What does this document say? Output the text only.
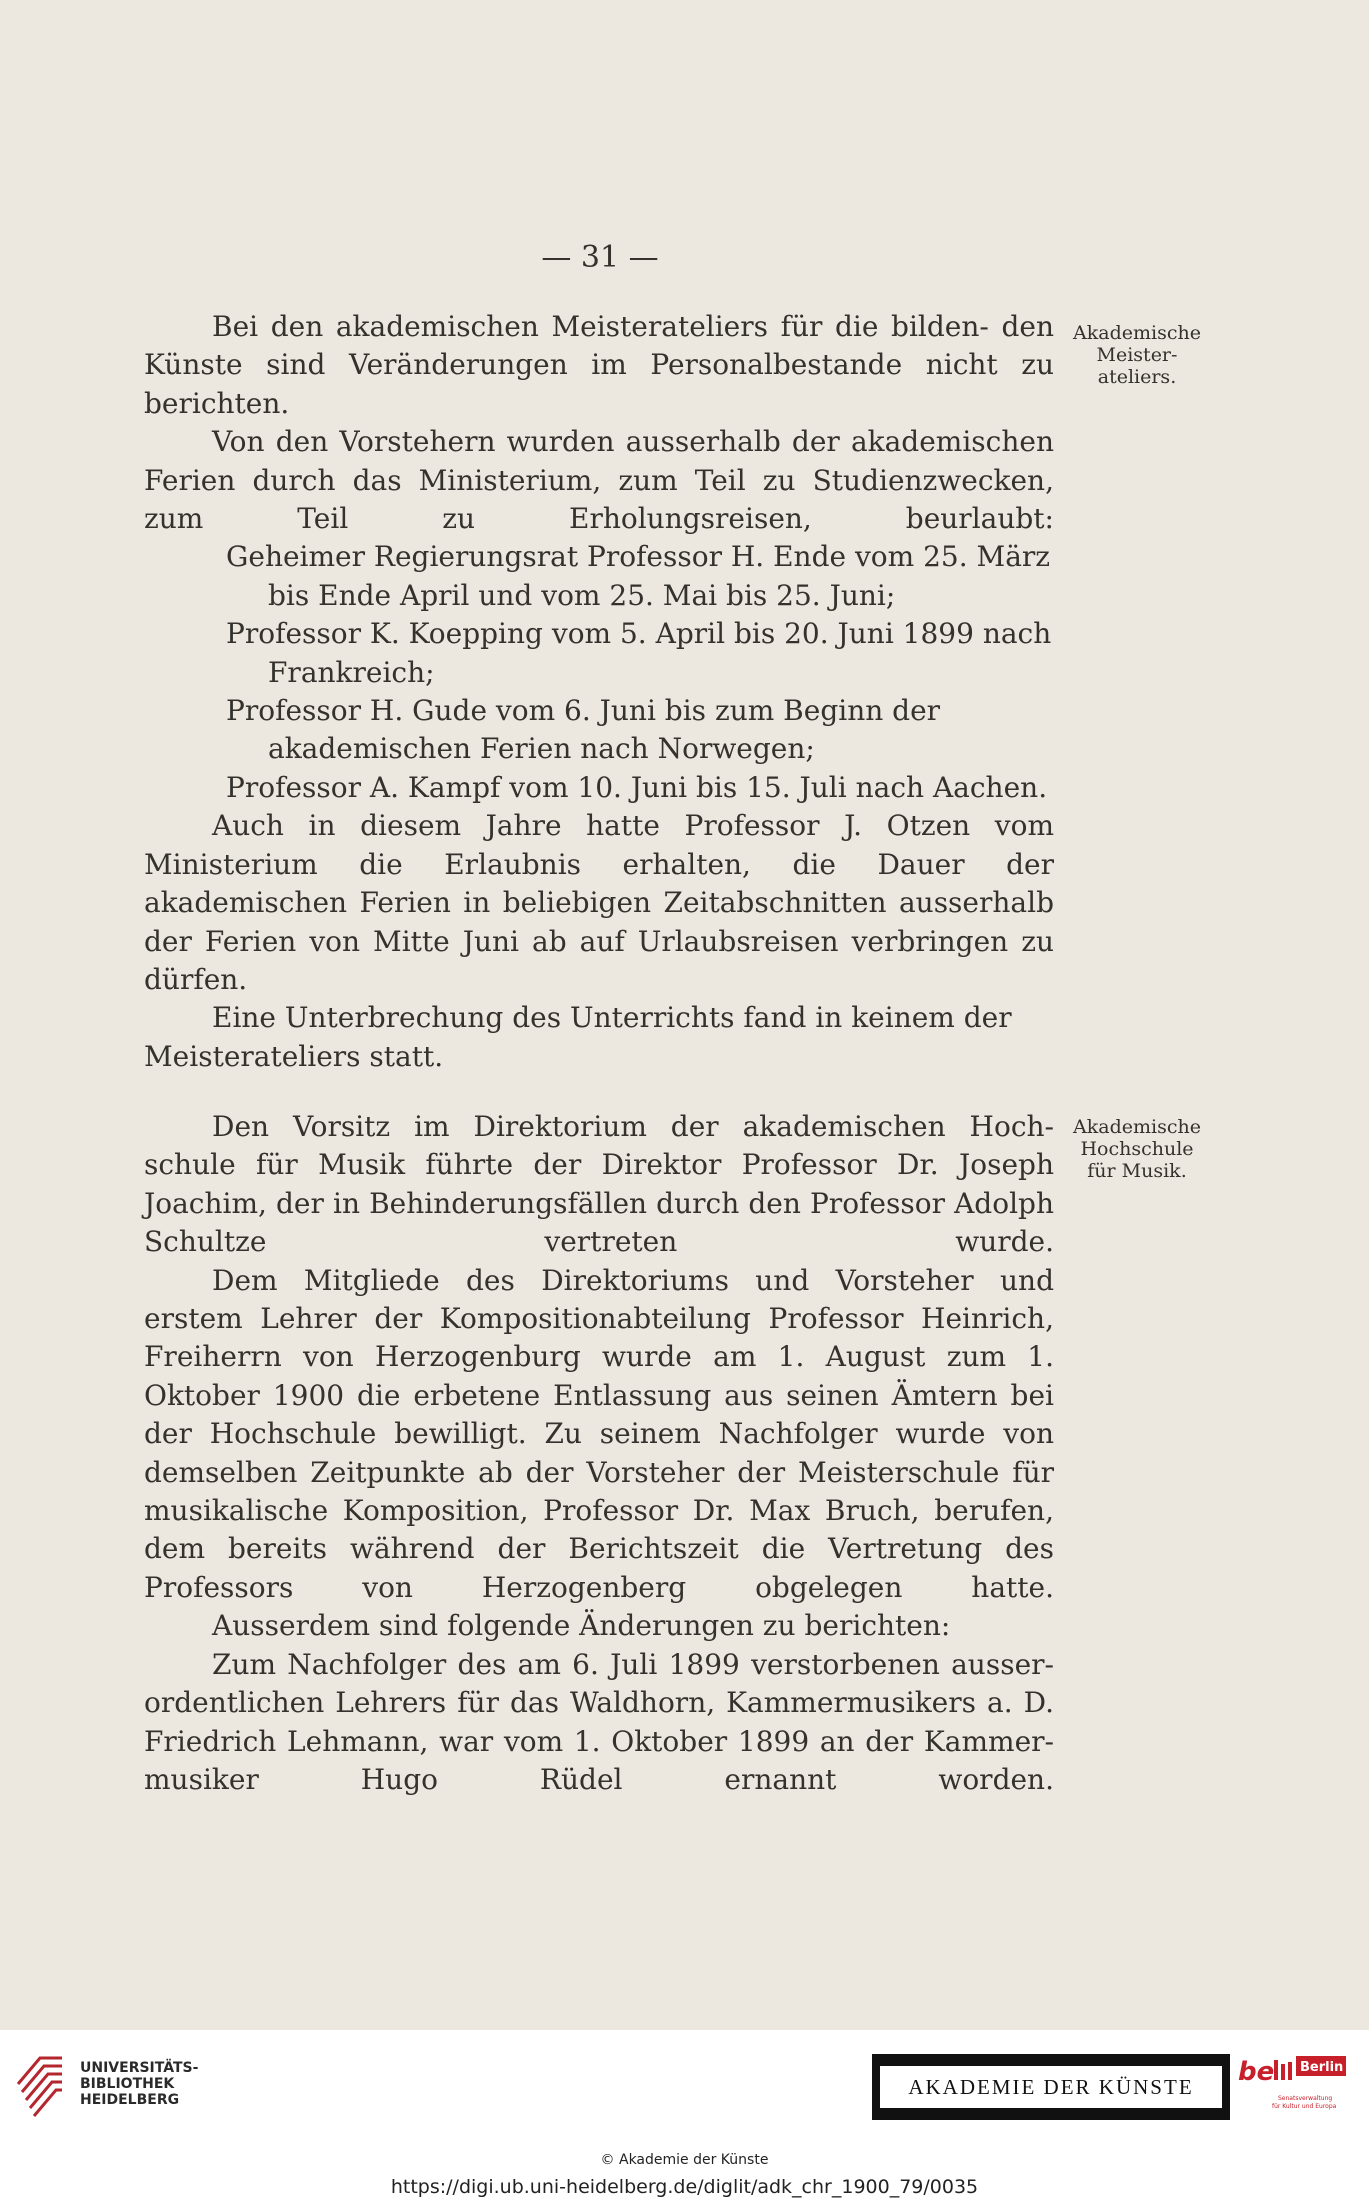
— 31 —

Bei den akademischen Meisterateliers für die bilden- den Künste sind Veränderungen im Personalbestande nicht zu berichten.

Von den Vorstehern wurden ausserhalb der akademischen Ferien durch das Ministerium, zum Teil zu Studienzwecken, zum Teil zu Erholungsreisen, beurlaubt:

Geheimer Regierungsrat Professor H. Ende vom 25. März bis Ende April und vom 25. Mai bis 25. Juni;

Professor K. Koepping vom 5. April bis 20. Juni 1899 nach Frankreich;

Professor H. Gude vom 6. Juni bis zum Beginn der akademischen Ferien nach Norwegen;

Professor A. Kampf vom 10. Juni bis 15. Juli nach Aachen.

Auch in diesem Jahre hatte Professor J. Otzen vom Ministerium die Erlaubnis erhalten, die Dauer der akademischen Ferien in beliebigen Zeitabschnitten ausserhalb der Ferien von Mitte Juni ab auf Urlaubsreisen verbringen zu dürfen.

Eine Unterbrechung des Unterrichts fand in keinem der Meisterateliers statt.

Akademische
Meister-
ateliers.

Den Vorsitz im Direktorium der akademischen Hoch- schule für Musik führte der Direktor Professor Dr. Joseph Joachim, der in Behinderungsfällen durch den Professor Adolph Schultze vertreten wurde.

Dem Mitgliede des Direktoriums und Vorsteher und erstem Lehrer der Kompositionabteilung Professor Heinrich, Freiherrn von Herzogenburg wurde am 1. August zum 1. Oktober 1900 die erbetene Entlassung aus seinen Ämtern bei der Hochschule bewilligt. Zu seinem Nachfolger wurde von demselben Zeitpunkte ab der Vorsteher der Meisterschule für musikalische Komposition, Professor Dr. Max Bruch, berufen, dem bereits während der Berichtszeit die Vertretung des Professors von Herzogenberg obgelegen hatte.

Ausserdem sind folgende Änderungen zu berichten:

Zum Nachfolger des am 6. Juli 1899 verstorbenen ausser- ordentlichen Lehrers für das Waldhorn, Kammermusikers a. D. Friedrich Lehmann, war vom 1. Oktober 1899 an der Kammer- musiker Hugo Rüdel ernannt worden.

Akademische
Hochschule
für Musik.
UNIVERSITÄTS-
BIBLIOTHEK
HEIDELBERG
AKADEMIE DER KÜNSTE	be Berlin
Senatsverwaltung
für Kultur und Europa
© Akademie der Künste
https://digi.ub.uni-heidelberg.de/diglit/adk_chr_1900_79/0035
